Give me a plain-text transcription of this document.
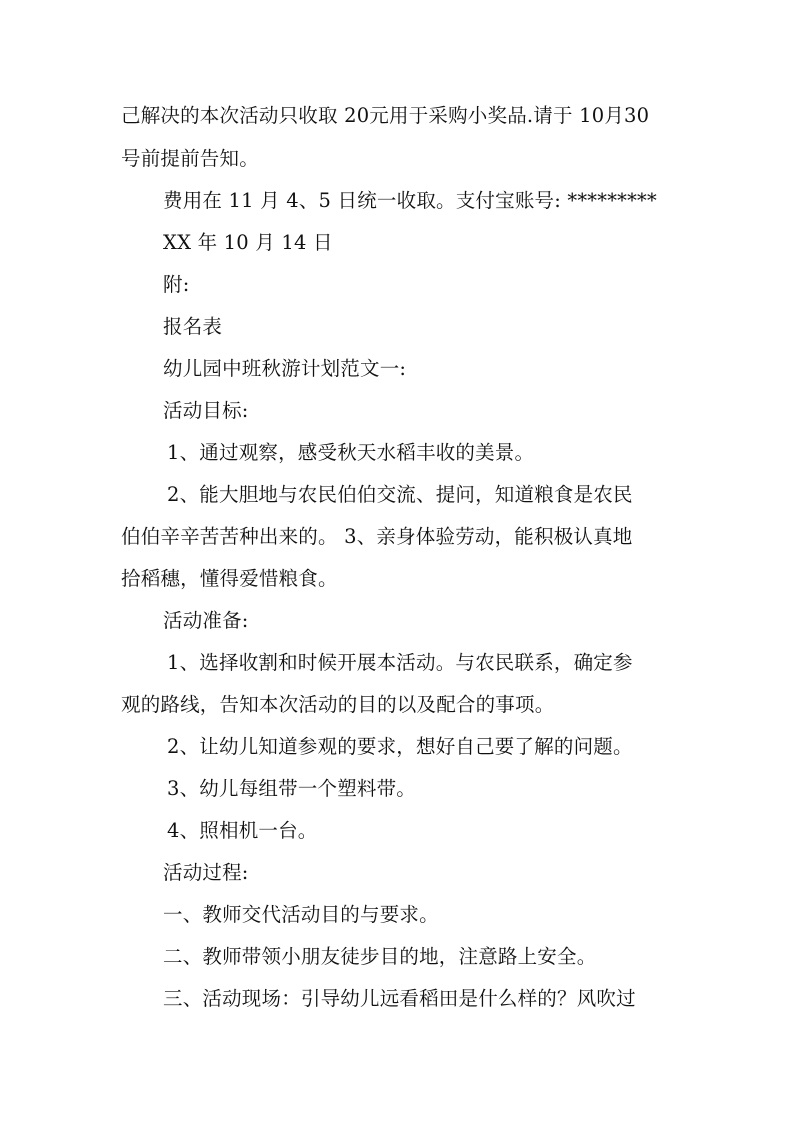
己解决的本次活动只收取 20元用于采购小奖品.请于 10月30
号前提前告知。
费用在 11 月 4、5 日统一收取。支付宝账号: *********
XX 年 10 月 14 日
附:
报名表
幼儿园中班秋游计划范文一:
活动目标:
1、通过观察，感受秋天水稻丰收的美景。
2、能大胆地与农民伯伯交流、提问，知道粮食是农民
伯伯辛辛苦苦种出来的。 3、亲身体验劳动，能积极认真地
拾稻穗，懂得爱惜粮食。
活动准备:
1、选择收割和时候开展本活动。与农民联系，确定参
观的路线，告知本次活动的目的以及配合的事项。
2、让幼儿知道参观的要求，想好自己要了解的问题。
3、幼儿每组带一个塑料带。
4、照相机一台。
活动过程:
一、教师交代活动目的与要求。
二、教师带领小朋友徒步目的地，注意路上安全。
三、活动现场：引导幼儿远看稻田是什么样的？风吹过
